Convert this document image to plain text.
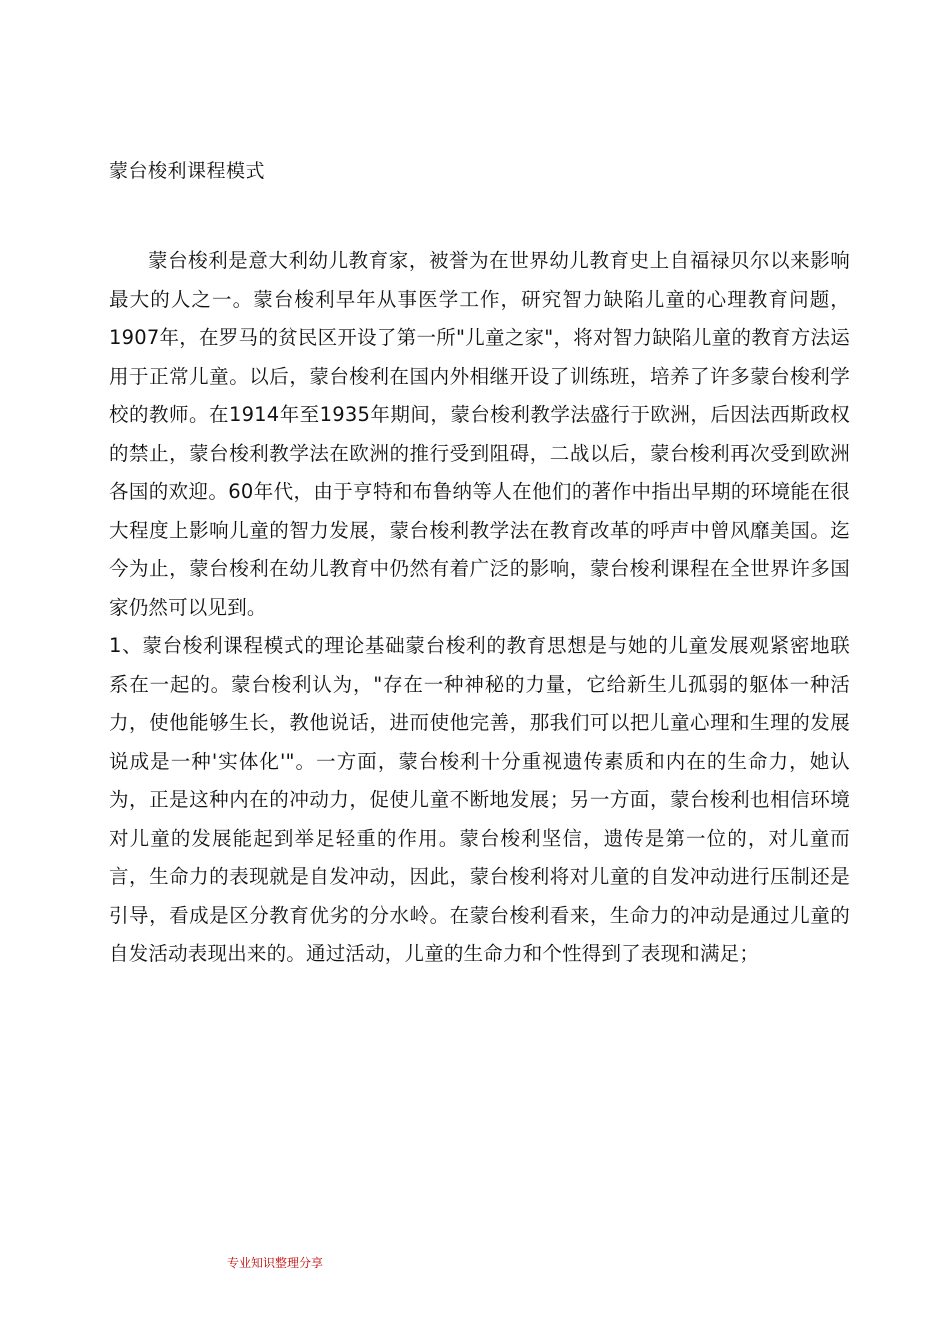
蒙台梭利课程模式

蒙台梭利是意大利幼儿教育家，被誉为在世界幼儿教育史上自福禄贝尔以来影响最大的人之一。蒙台梭利早年从事医学工作，研究智力缺陷儿童的心理教育问题，1907年，在罗马的贫民区开设了第一所"儿童之家"，将对智力缺陷儿童的教育方法运用于正常儿童。以后，蒙台梭利在国内外相继开设了训练班，培养了许多蒙台梭利学校的教师。在1914年至1935年期间，蒙台梭利教学法盛行于欧洲，后因法西斯政权的禁止，蒙台梭利教学法在欧洲的推行受到阻碍，二战以后，蒙台梭利再次受到欧洲各国的欢迎。60年代，由于亨特和布鲁纳等人在他们的著作中指出早期的环境能在很大程度上影响儿童的智力发展，蒙台梭利教学法在教育改革的呼声中曾风靡美国。迄今为止，蒙台梭利在幼儿教育中仍然有着广泛的影响，蒙台梭利课程在全世界许多国家仍然可以见到。

1、蒙台梭利课程模式的理论基础蒙台梭利的教育思想是与她的儿童发展观紧密地联系在一起的。蒙台梭利认为，"存在一种神秘的力量，它给新生儿孤弱的躯体一种活力，使他能够生长，教他说话，进而使他完善，那我们可以把儿童心理和生理的发展说成是一种'实体化'"。一方面，蒙台梭利十分重视遗传素质和内在的生命力，她认为，正是这种内在的冲动力，促使儿童不断地发展；另一方面，蒙台梭利也相信环境对儿童的发展能起到举足轻重的作用。蒙台梭利坚信，遗传是第一位的，对儿童而言，生命力的表现就是自发冲动，因此，蒙台梭利将对儿童的自发冲动进行压制还是引导，看成是区分教育优劣的分水岭。在蒙台梭利看来，生命力的冲动是通过儿童的自发活动表现出来的。通过活动，儿童的生命力和个性得到了表现和满足；

专业知识整理分享
